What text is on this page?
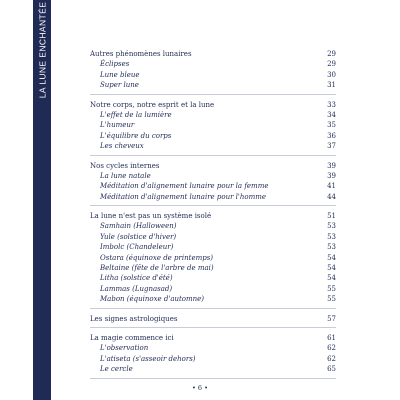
LA LUNE ENCHANTÉE	Autres phénomènes lunaires	29
Éclipses	29
Lune bleue	30
Super lune	31
Notre corps, notre esprit et la lune	33
L'effet de la lumière	34
L'humeur	35
L'équilibre du corps	36
Les cheveux	37
Nos cycles internes	39
La lune natale	39
Méditation d'alignement lunaire pour la femme	41
Méditation d'alignement lunaire pour l'homme	44
La lune n'est pas un système isolé	51
Samhain (Halloween)	53
Yule (solstice d'hiver)	53
Imbolc (Chandeleur)	53
Ostara (équinoxe de printemps)	54
Beltaine (fête de l'arbre de mai)	54
Litha (solstice d'été)	54
Lammas (Lugnasad)	55
Mabon (équinoxe d'automne)	55
Les signes astrologiques	57
La magie commence ici	61
L'observation	62
L'atiseta (s'asseoir dehors)	62
Le cercle	65
• 6 •
